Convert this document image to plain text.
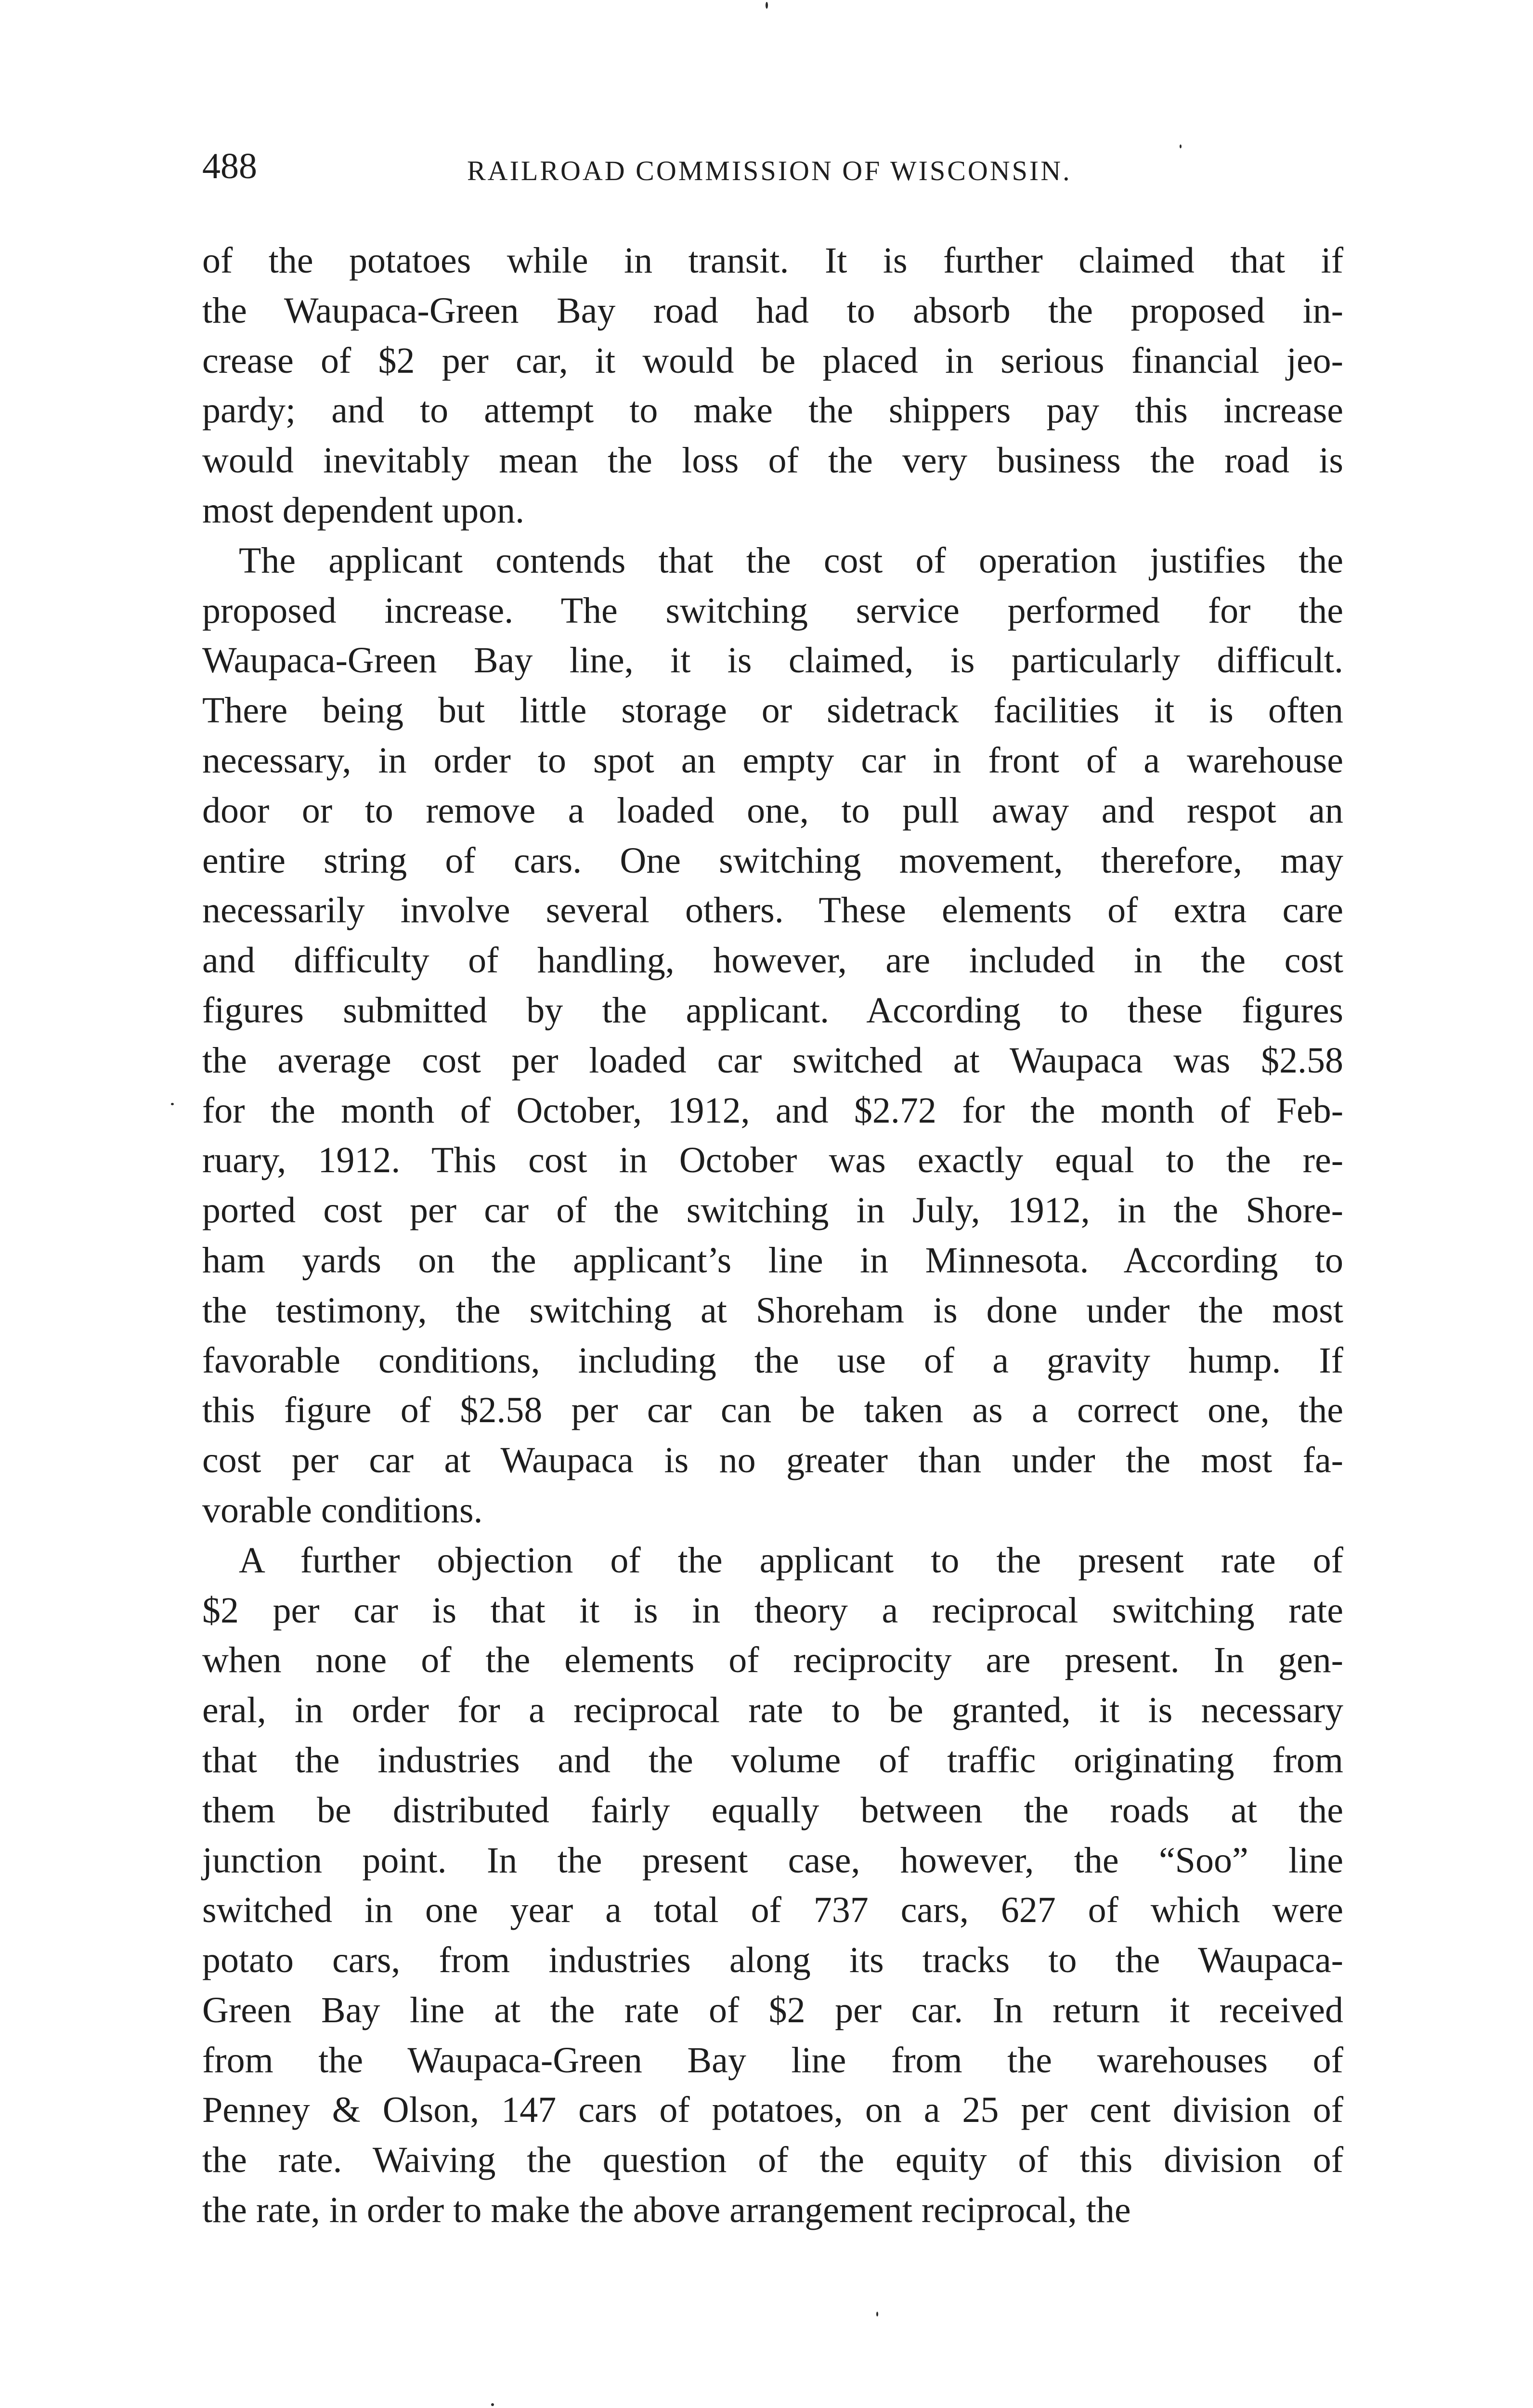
488	RAILROAD COMMISSION OF WISCONSIN.
of the potatoes while in transit. It is further claimed that if
the Waupaca-Green Bay road had to absorb the proposed in-
crease of $2 per car, it would be placed in serious financial jeo-
pardy; and to attempt to make the shippers pay this increase
would inevitably mean the loss of the very business the road is
most dependent upon.
The applicant contends that the cost of operation justifies the
proposed increase. The switching service performed for the
Waupaca-Green Bay line, it is claimed, is particularly difficult.
There being but little storage or sidetrack facilities it is often
necessary, in order to spot an empty car in front of a warehouse
door or to remove a loaded one, to pull away and respot an
entire string of cars. One switching movement, therefore, may
necessarily involve several others. These elements of extra care
and difficulty of handling, however, are included in the cost
figures submitted by the applicant. According to these figures
the average cost per loaded car switched at Waupaca was $2.58
for the month of October, 1912, and $2.72 for the month of Feb-
ruary, 1912. This cost in October was exactly equal to the re-
ported cost per car of the switching in July, 1912, in the Shore-
ham yards on the applicant’s line in Minnesota. According to
the testimony, the switching at Shoreham is done under the most
favorable conditions, including the use of a gravity hump. If
this figure of $2.58 per car can be taken as a correct one, the
cost per car at Waupaca is no greater than under the most fa-
vorable conditions.
A further objection of the applicant to the present rate of
$2 per car is that it is in theory a reciprocal switching rate
when none of the elements of reciprocity are present. In gen-
eral, in order for a reciprocal rate to be granted, it is necessary
that the industries and the volume of traffic originating from
them be distributed fairly equally between the roads at the
junction point. In the present case, however, the “Soo” line
switched in one year a total of 737 cars, 627 of which were
potato cars, from industries along its tracks to the Waupaca-
Green Bay line at the rate of $2 per car. In return it received
from the Waupaca-Green Bay line from the warehouses of
Penney & Olson, 147 cars of potatoes, on a 25 per cent division of
the rate. Waiving the question of the equity of this division of
the rate, in order to make the above arrangement reciprocal, the
